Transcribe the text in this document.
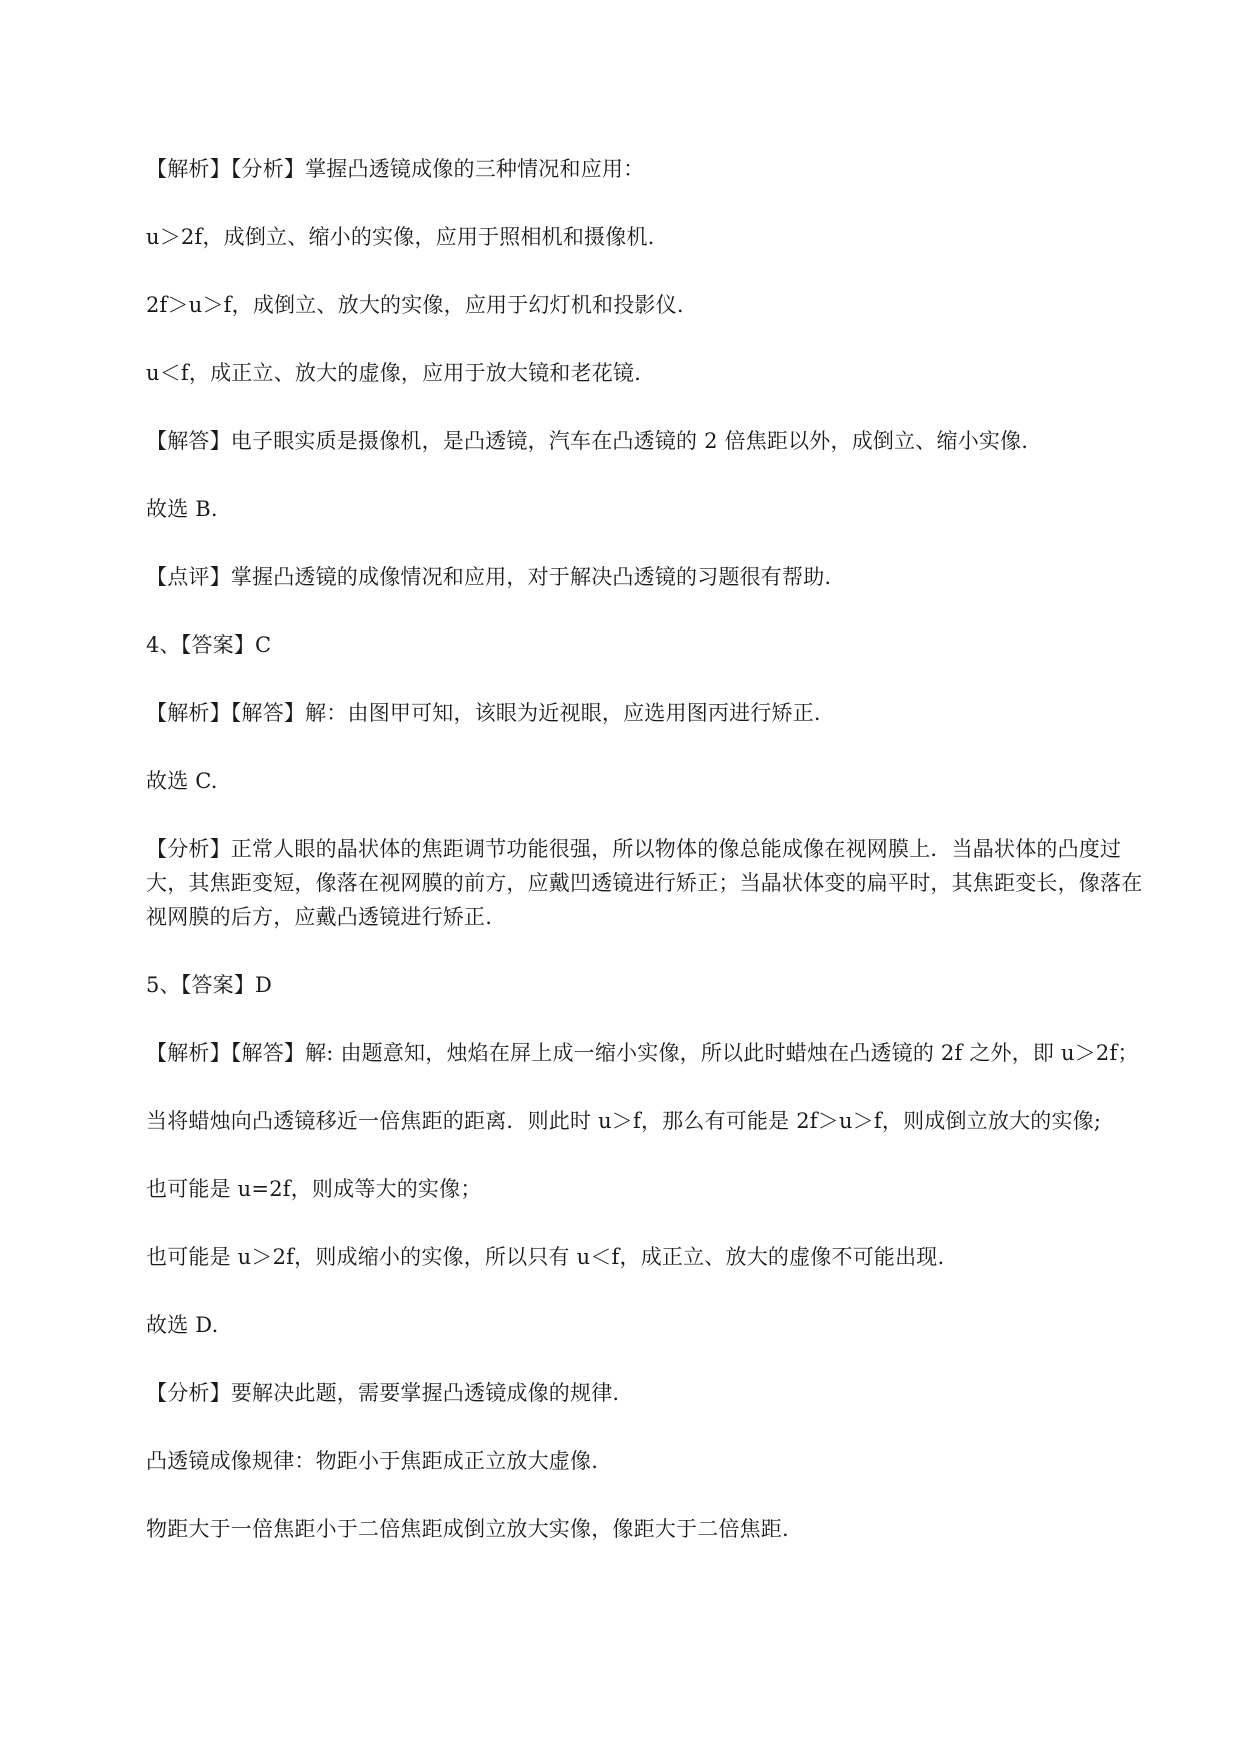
【解析】【分析】掌握凸透镜成像的三种情况和应用：

u＞2f，成倒立、缩小的实像，应用于照相机和摄像机.

2f＞u＞f，成倒立、放大的实像，应用于幻灯机和投影仪.

u＜f，成正立、放大的虚像，应用于放大镜和老花镜.

【解答】电子眼实质是摄像机，是凸透镜，汽车在凸透镜的 2 倍焦距以外，成倒立、缩小实像.

故选 B.

【点评】掌握凸透镜的成像情况和应用，对于解决凸透镜的习题很有帮助.

4、【答案】C

【解析】【解答】解：由图甲可知，该眼为近视眼，应选用图丙进行矫正.

故选 C.

【分析】正常人眼的晶状体的焦距调节功能很强，所以物体的像总能成像在视网膜上．当晶状体的凸度过大，其焦距变短，像落在视网膜的前方，应戴凹透镜进行矫正；当晶状体变的扁平时，其焦距变长，像落在视网膜的后方，应戴凸透镜进行矫正.

5、【答案】D

【解析】【解答】解: 由题意知，烛焰在屏上成一缩小实像，所以此时蜡烛在凸透镜的 2f 之外，即 u＞2f；

当将蜡烛向凸透镜移近一倍焦距的距离．则此时 u＞f，那么有可能是 2f＞u＞f，则成倒立放大的实像;

也可能是 u=2f，则成等大的实像；

也可能是 u＞2f，则成缩小的实像，所以只有 u＜f，成正立、放大的虚像不可能出现.

故选 D.

【分析】要解决此题，需要掌握凸透镜成像的规律.

凸透镜成像规律：物距小于焦距成正立放大虚像.

物距大于一倍焦距小于二倍焦距成倒立放大实像，像距大于二倍焦距.
